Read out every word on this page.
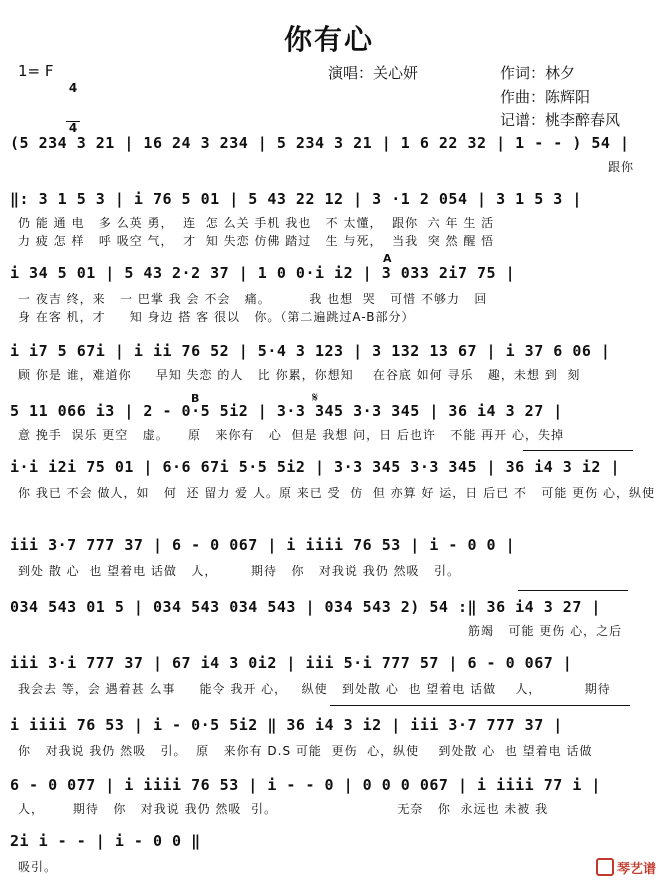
你有心
1= F

4

4

演唱：关心妍	作词：林夕
作曲：陈辉阳
记谱：桃李醉春风
(5 234 3 21 | 16 24 3 234 | 5 234 3 21 | 1 6 22 32 | 1 - - ) 54 |
跟你
‖: 3 1 5 3 | i 76 5 01 | 5 43 22 12 | 3 ·1 2 054 | 3 1 5 3 |
仍 能 通 电   多 么英 勇，  连  怎 么关 手机 我也   不 太懂，  跟你  六 年 生 活
力 疲 怎 样   呼 吸空 气，  才  知 失恋 仿佛 踏过   生 与死，  当我  突 然 醒 悟
A
i 34 5 01 | 5 43 2·2 37 | 1 0 0·i i2 | 3 033 2i7 75 |
一 夜吉 终，来   一 巴掌 我 会 不会   痛。        我 也想  哭   可惜 不够力   回
身 在客 机，才     知 身边 搭 客 很以   你。（第二遍跳过A-B部分）
i i7 5 67i | i ii 76 52 | 5·4 3 123 | 3 132 13 67 | i 37 6 06 |
顾 你是 谁，难道你     早知 失恋 的人   比 你累，你想知    在谷底 如何 寻乐   趣，未想 到  刻
B	𝄋
5 11 066 i3 | 2 - 0·5 5i2 | 3·3 345 3·3 345 | 36 i4 3 27 |
意 挽手  误乐 更空   虚。    原   来你有   心  但是 我想 问，日 后也许   不能 再开 心，失掉
i·i i2i 75 01 | 6·6 67i 5·5 5i2 | 3·3 345 3·3 345 | 36 i4 3 i2 |
你 我已 不会 做人，如   何  还 留力 爱 人。原 来已 受  仿  但 亦算 好 运，日 后已 不   可能 更伤 心，纵使
iii 3·7 777 37 | 6 - 0 067 | i iiii 76 53 | i - 0 0 |
到处 散 心  也 望着电 话做   人，       期待   你   对我说 我仍 然吸   引。
034 543 01 5 | 034 543 034 543 | 034 543 2) 54 :‖ 36 i4 3 27 |
筋竭   可能 更伤 心，之后
iii 3·i 777 37 | 67 i4 3 0i2 | iii 5·i 777 57 | 6 - 0 067 |
我会去 等，会 遇着甚 么事     能令 我开 心，   纵使   到处散 心  也 望着电 话做    人，         期待
i iiii 76 53 | i - 0·5 5i2 ‖ 36 i4 3 i2 | iii 3·7 777 37 |
你   对我说 我仍 然吸   引。  原   来你有 D.S 可能  更伤  心，纵使    到处散 心  也 望着电 话做
6 - 0 077 | i iiii 76 53 | i - - 0 | 0 0 0 067 | i iiii 77 i |
人，      期待   你   对我说 我仍 然吸  引。                         无奈   你  永远也 未被 我
2i i - - | i - 0 0 ‖
吸引。	琴艺谱
